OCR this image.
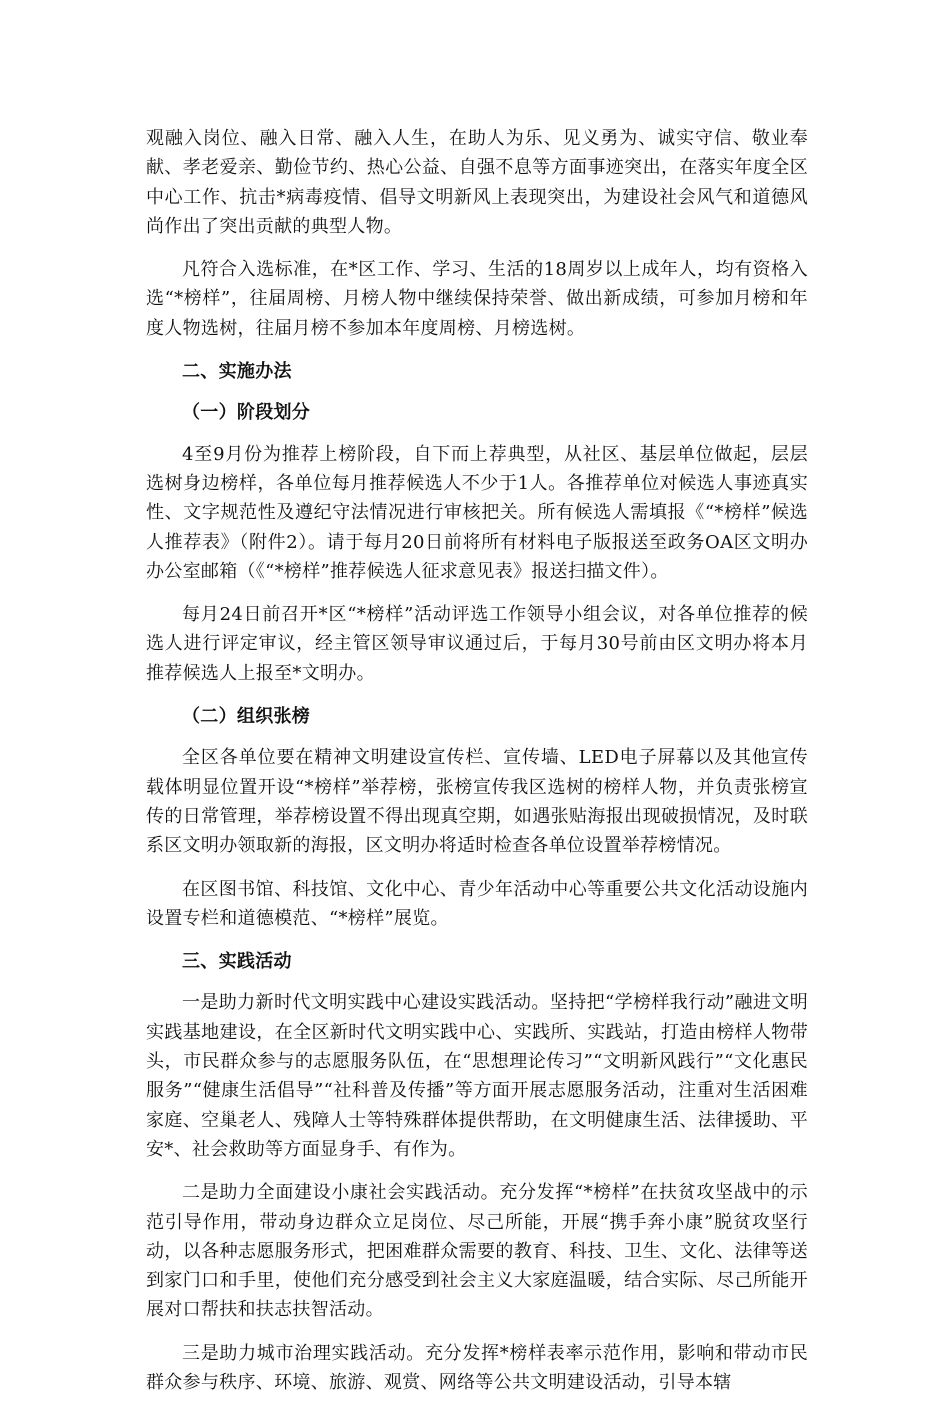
观融入岗位、融入日常、融入人生，在助人为乐、见义勇为、诚实守信、敬业奉献、孝老爱亲、勤俭节约、热心公益、自强不息等方面事迹突出，在落实年度全区中心工作、抗击*病毒疫情、倡导文明新风上表现突出，为建设社会风气和道德风尚作出了突出贡献的典型人物。

凡符合入选标准，在*区工作、学习、生活的18周岁以上成年人，均有资格入选“*榜样”，往届周榜、月榜人物中继续保持荣誉、做出新成绩，可参加月榜和年度人物选树，往届月榜不参加本年度周榜、月榜选树。

二、实施办法

（一）阶段划分

4至9月份为推荐上榜阶段，自下而上荐典型，从社区、基层单位做起，层层选树身边榜样，各单位每月推荐候选人不少于1人。各推荐单位对候选人事迹真实性、文字规范性及遵纪守法情况进行审核把关。所有候选人需填报《“*榜样”候选人推荐表》（附件2）。请于每月20日前将所有材料电子版报送至政务OA区文明办办公室邮箱（《“*榜样”推荐候选人征求意见表》报送扫描文件）。

每月24日前召开*区“*榜样”活动评选工作领导小组会议，对各单位推荐的候选人进行评定审议，经主管区领导审议通过后，于每月30号前由区文明办将本月推荐候选人上报至*文明办。

（二）组织张榜

全区各单位要在精神文明建设宣传栏、宣传墙、LED电子屏幕以及其他宣传载体明显位置开设“*榜样”举荐榜，张榜宣传我区选树的榜样人物，并负责张榜宣传的日常管理，举荐榜设置不得出现真空期，如遇张贴海报出现破损情况，及时联系区文明办领取新的海报，区文明办将适时检查各单位设置举荐榜情况。

在区图书馆、科技馆、文化中心、青少年活动中心等重要公共文化活动设施内设置专栏和道德模范、“*榜样”展览。

三、实践活动

一是助力新时代文明实践中心建设实践活动。坚持把“学榜样我行动”融进文明实践基地建设，在全区新时代文明实践中心、实践所、实践站，打造由榜样人物带头，市民群众参与的志愿服务队伍，在“思想理论传习”“文明新风践行”“文化惠民服务”“健康生活倡导”“社科普及传播”等方面开展志愿服务活动，注重对生活困难家庭、空巢老人、残障人士等特殊群体提供帮助，在文明健康生活、法律援助、平安*、社会救助等方面显身手、有作为。

二是助力全面建设小康社会实践活动。充分发挥“*榜样”在扶贫攻坚战中的示范引导作用，带动身边群众立足岗位、尽己所能，开展“携手奔小康”脱贫攻坚行动，以各种志愿服务形式，把困难群众需要的教育、科技、卫生、文化、法律等送到家门口和手里，使他们充分感受到社会主义大家庭温暖，结合实际、尽己所能开展对口帮扶和扶志扶智活动。

三是助力城市治理实践活动。充分发挥*榜样表率示范作用，影响和带动市民群众参与秩序、环境、旅游、观赏、网络等公共文明建设活动，引导本辖
